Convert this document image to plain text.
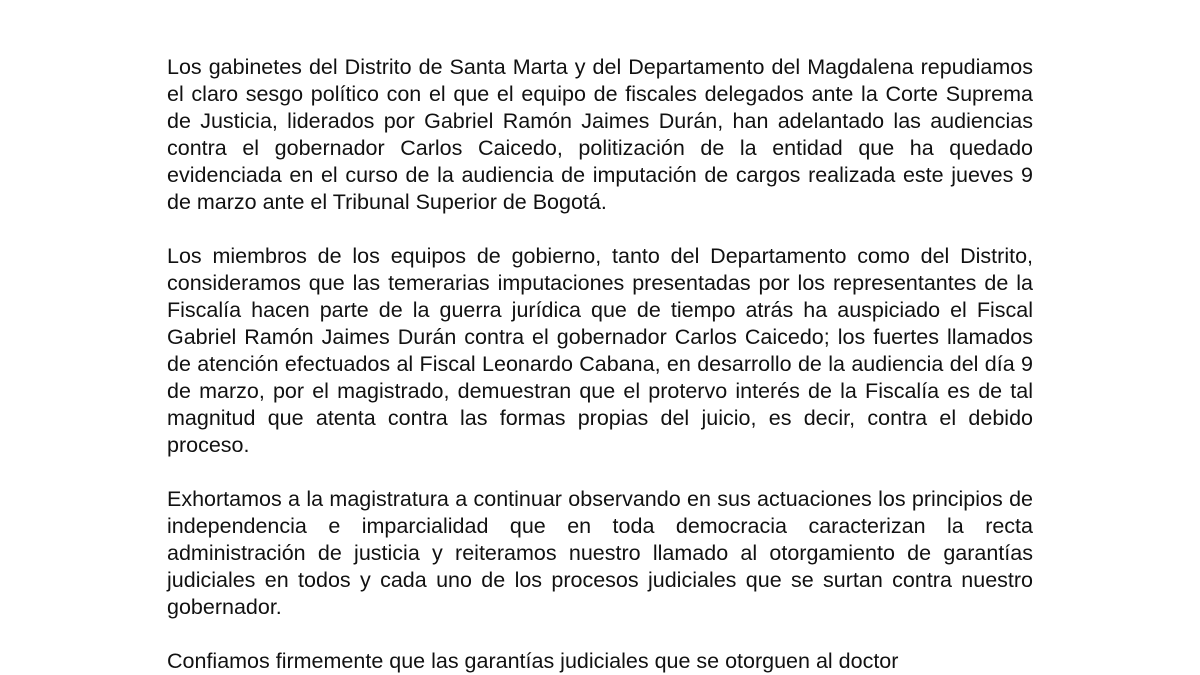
Los gabinetes del Distrito de Santa Marta y del Departamento del Magdalena repudiamos el claro sesgo político con el que el equipo de fiscales delegados ante la Corte Suprema de Justicia, liderados por Gabriel Ramón Jaimes Durán, han adelantado las audiencias contra el gobernador Carlos Caicedo, politización de la entidad que ha quedado evidenciada en el curso de la audiencia de imputación de cargos realizada este jueves 9 de marzo ante el Tribunal Superior de Bogotá.

Los miembros de los equipos de gobierno, tanto del Departamento como del Distrito, consideramos que las temerarias imputaciones presentadas por los representantes de la Fiscalía hacen parte de la guerra jurídica que de tiempo atrás ha auspiciado el Fiscal  Gabriel Ramón Jaimes Durán contra el gobernador Carlos Caicedo; los fuertes llamados de atención efectuados al Fiscal Leonardo Cabana, en desarrollo de la audiencia del día 9 de marzo, por el magistrado, demuestran que el protervo interés de la Fiscalía es de tal magnitud que atenta contra las formas propias del juicio, es decir, contra el debido proceso.

Exhortamos a la magistratura a continuar observando en sus actuaciones los principios de independencia e imparcialidad que en toda democracia caracterizan la recta administración de justicia y reiteramos nuestro llamado al otorgamiento de garantías judiciales en todos y cada uno de los procesos judiciales que se surtan contra nuestro gobernador.

Confiamos firmemente que las garantías judiciales que se otorguen al doctor
